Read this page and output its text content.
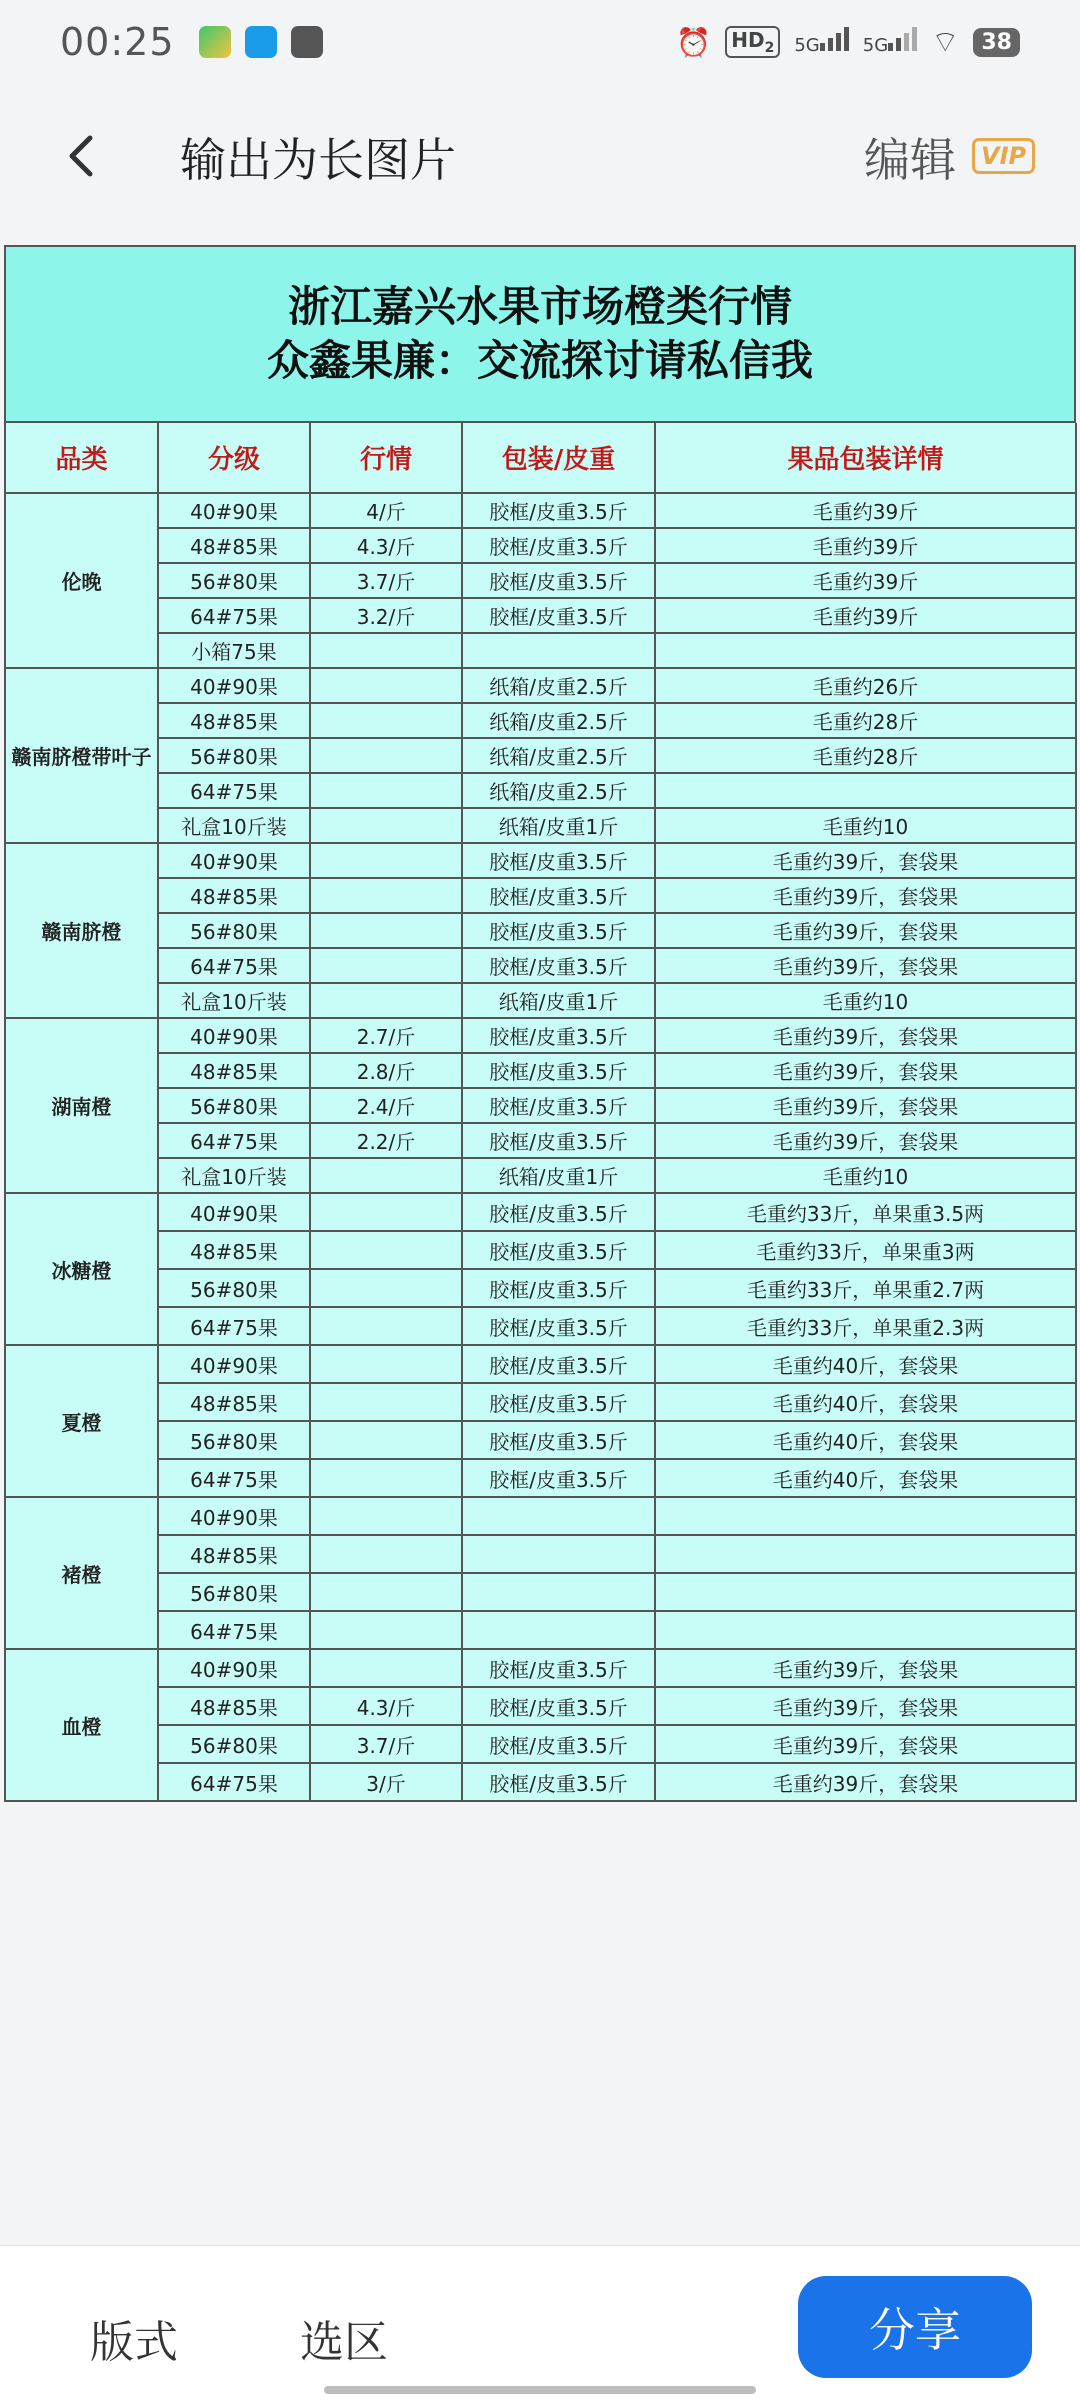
00:25	⏰	$HD_2$	5G	5G	⌔	38
输出为长图片	编辑	VIP
浙江嘉兴水果市场橙类行情
众鑫果廉：交流探讨请私信我
品类	分级	行情	包装/皮重	果品包装详情
伦晚	40#90果	4/斤	胶框/皮重3.5斤	毛重约39斤
	48#85果	4.3/斤	胶框/皮重3.5斤	毛重约39斤
	56#80果	3.7/斤	胶框/皮重3.5斤	毛重约39斤
	64#75果	3.2/斤	胶框/皮重3.5斤	毛重约39斤
	小箱75果			
赣南脐橙带叶子	40#90果		纸箱/皮重2.5斤	毛重约26斤
	48#85果		纸箱/皮重2.5斤	毛重约28斤
	56#80果		纸箱/皮重2.5斤	毛重约28斤
	64#75果		纸箱/皮重2.5斤	
	礼盒10斤装		纸箱/皮重1斤	毛重约10
赣南脐橙	40#90果		胶框/皮重3.5斤	毛重约39斤，套袋果
	48#85果		胶框/皮重3.5斤	毛重约39斤，套袋果
	56#80果		胶框/皮重3.5斤	毛重约39斤，套袋果
	64#75果		胶框/皮重3.5斤	毛重约39斤，套袋果
	礼盒10斤装		纸箱/皮重1斤	毛重约10
湖南橙	40#90果	2.7/斤	胶框/皮重3.5斤	毛重约39斤，套袋果
	48#85果	2.8/斤	胶框/皮重3.5斤	毛重约39斤，套袋果
	56#80果	2.4/斤	胶框/皮重3.5斤	毛重约39斤，套袋果
	64#75果	2.2/斤	胶框/皮重3.5斤	毛重约39斤，套袋果
	礼盒10斤装		纸箱/皮重1斤	毛重约10
冰糖橙	40#90果		胶框/皮重3.5斤	毛重约33斤，单果重3.5两
	48#85果		胶框/皮重3.5斤	毛重约33斤，单果重3两
	56#80果		胶框/皮重3.5斤	毛重约33斤，单果重2.7两
	64#75果		胶框/皮重3.5斤	毛重约33斤，单果重2.3两
夏橙	40#90果		胶框/皮重3.5斤	毛重约40斤，套袋果
	48#85果		胶框/皮重3.5斤	毛重约40斤，套袋果
	56#80果		胶框/皮重3.5斤	毛重约40斤，套袋果
	64#75果		胶框/皮重3.5斤	毛重约40斤，套袋果
褚橙	40#90果			
	48#85果			
	56#80果			
	64#75果			
血橙	40#90果		胶框/皮重3.5斤	毛重约39斤，套袋果
	48#85果	4.3/斤	胶框/皮重3.5斤	毛重约39斤，套袋果
	56#80果	3.7/斤	胶框/皮重3.5斤	毛重约39斤，套袋果
	64#75果	3/斤	胶框/皮重3.5斤	毛重约39斤，套袋果
版式	选区	分享
